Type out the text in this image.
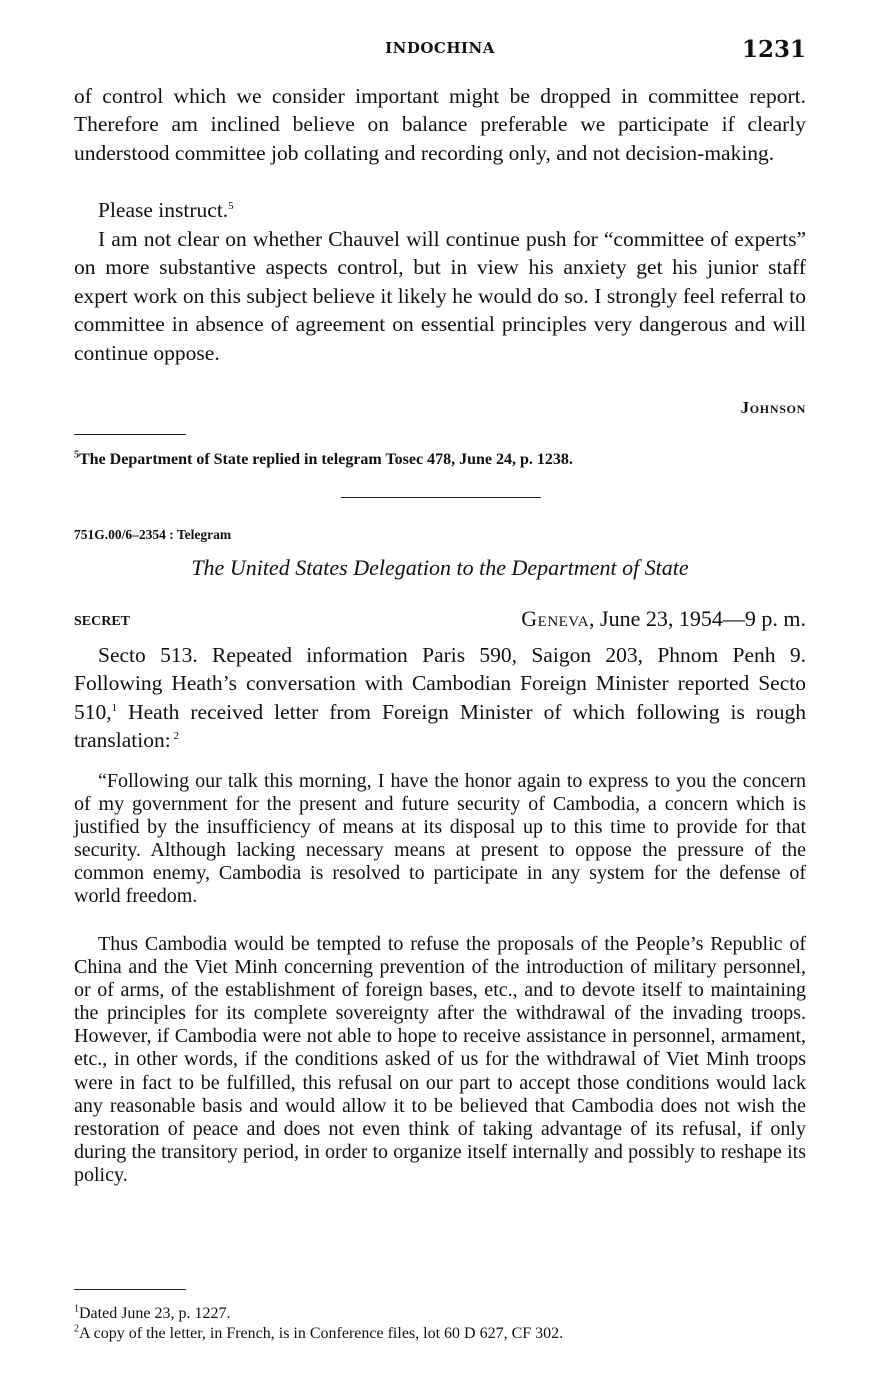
INDOCHINA	1231

of control which we consider important might be dropped in committee report. Therefore am inclined believe on balance preferable we participate if clearly understood committee job collating and recording only, and not decision-making.

Please instruct.$^5$

I am not clear on whether Chauvel will continue push for “committee of experts” on more substantive aspects control, but in view his anxiety get his junior staff expert work on this subject believe it likely he would do so. I strongly feel referral to committee in absence of agreement on essential principles very dangerous and will continue oppose.

Johnson

$^5$The Department of State replied in telegram Tosec 478, June 24, p. 1238.

751G.00/6–2354 : Telegram
The United States Delegation to the Department of State
SECRET	Geneva, June 23, 1954—9 p. m.

Secto 513. Repeated information Paris 590, Saigon 203, Phnom Penh 9. Following Heath’s conversation with Cambodian Foreign Minister reported Secto 510,$^1$ Heath received letter from Foreign Minister of which following is rough translation: $^2$

“Following our talk this morning, I have the honor again to express to you the concern of my government for the present and future security of Cambodia, a concern which is justified by the insufficiency of means at its disposal up to this time to provide for that security. Although lacking necessary means at present to oppose the pressure of the common enemy, Cambodia is resolved to participate in any system for the defense of world freedom.

Thus Cambodia would be tempted to refuse the proposals of the People’s Republic of China and the Viet Minh concerning prevention of the introduction of military personnel, or of arms, of the establishment of foreign bases, etc., and to devote itself to maintaining the principles for its complete sovereignty after the withdrawal of the invading troops. However, if Cambodia were not able to hope to receive assistance in personnel, armament, etc., in other words, if the conditions asked of us for the withdrawal of Viet Minh troops were in fact to be fulfilled, this refusal on our part to accept those conditions would lack any reasonable basis and would allow it to be believed that Cambodia does not wish the restoration of peace and does not even think of taking advantage of its refusal, if only during the transitory period, in order to organize itself internally and possibly to reshape its policy.

$^1$Dated June 23, p. 1227.

$^2$A copy of the letter, in French, is in Conference files, lot 60 D 627, CF 302.
